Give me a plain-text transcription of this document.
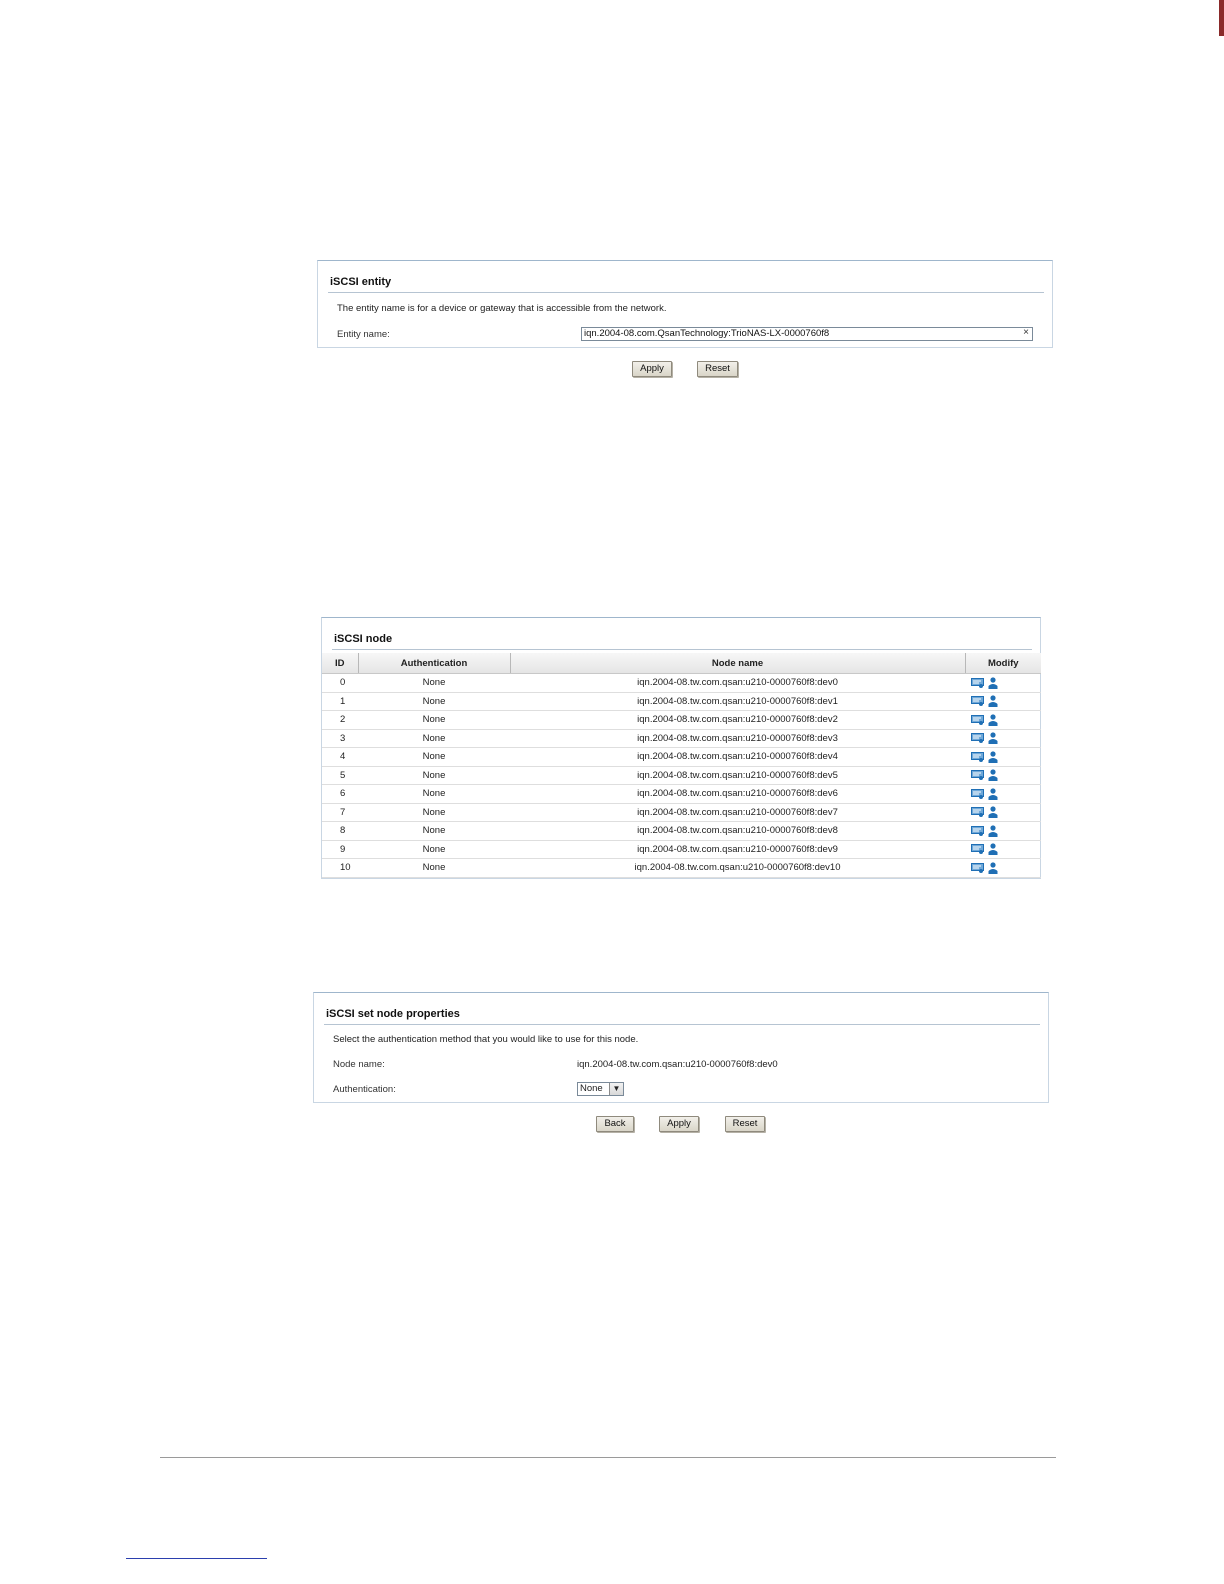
iSCSI entity
The entity name is for a device or gateway that is accessible from the network.
Entity name:	iqn.2004-08.com.QsanTechnology:TrioNAS-LX-0000760f8	×
Apply	Reset
iSCSI node
ID	Authentication	Node name	Modify
0	None	iqn.2004-08.tw.com.qsan:u210-0000760f8:dev0	
1	None	iqn.2004-08.tw.com.qsan:u210-0000760f8:dev1	
2	None	iqn.2004-08.tw.com.qsan:u210-0000760f8:dev2	
3	None	iqn.2004-08.tw.com.qsan:u210-0000760f8:dev3	
4	None	iqn.2004-08.tw.com.qsan:u210-0000760f8:dev4	
5	None	iqn.2004-08.tw.com.qsan:u210-0000760f8:dev5	
6	None	iqn.2004-08.tw.com.qsan:u210-0000760f8:dev6	
7	None	iqn.2004-08.tw.com.qsan:u210-0000760f8:dev7	
8	None	iqn.2004-08.tw.com.qsan:u210-0000760f8:dev8	
9	None	iqn.2004-08.tw.com.qsan:u210-0000760f8:dev9	
10	None	iqn.2004-08.tw.com.qsan:u210-0000760f8:dev10	
iSCSI set node properties
Select the authentication method that you would like to use for this node.
Node name:	iqn.2004-08.tw.com.qsan:u210-0000760f8:dev0
Authentication:	None	▼
Back	Apply	Reset
